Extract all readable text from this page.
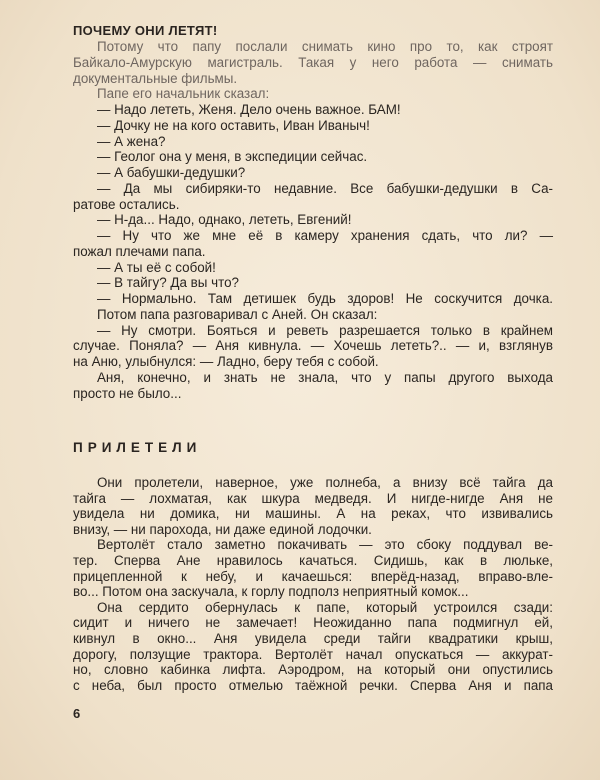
ПОЧЕМУ ОНИ ЛЕТЯТ!
Потому что папу послали снимать кино про то, как строят
Байкало-Амурскую магистраль. Такая у него работа — снимать
документальные фильмы.
Папе его начальник сказал:
— Надо лететь, Женя. Дело очень важное. БАМ!
— Дочку не на кого оставить, Иван Иваныч!
— А жена?
— Геолог она у меня, в экспедиции сейчас.
— А бабушки-дедушки?
— Да мы сибиряки-то недавние. Все бабушки-дедушки в Са-
ратове остались.
— Н-да... Надо, однако, лететь, Евгений!
— Ну что же мне её в камеру хранения сдать, что ли? —
пожал плечами папа.
— А ты её с собой!
— В тайгу? Да вы что?
— Нормально. Там детишек будь здоров! Не соскучится дочка.
Потом папа разговаривал с Аней. Он сказал:
— Ну смотри. Бояться и реветь разрешается только в крайнем
случае. Поняла? — Аня кивнула. — Хочешь лететь?.. — и, взглянув
на Аню, улыбнулся: — Ладно, беру тебя с собой.
Аня, конечно, и знать не знала, что у папы другого выхода
просто не было...
ПРИЛЕТЕЛИ
Они пролетели, наверное, уже полнеба, а внизу всё тайга да
тайга — лохматая, как шкура медведя. И нигде-нигде Аня не
увидела ни домика, ни машины. А на реках, что извивались
внизу, — ни парохода, ни даже единой лодочки.
Вертолёт стало заметно покачивать — это сбоку поддувал ве-
тер. Сперва Ане нравилось качаться. Сидишь, как в люльке,
прицепленной к небу, и качаешься: вперёд-назад, вправо-вле-
во... Потом она заскучала, к горлу подполз неприятный комок...
Она сердито обернулась к папе, который устроился сзади:
сидит и ничего не замечает! Неожиданно папа подмигнул ей,
кивнул в окно... Аня увидела среди тайги квадратики крыш,
дорогу, ползущие трактора. Вертолёт начал опускаться — аккурат-
но, словно кабинка лифта. Аэродром, на который они опустились
с неба, был просто отмелью таёжной речки. Сперва Аня и папа
6
